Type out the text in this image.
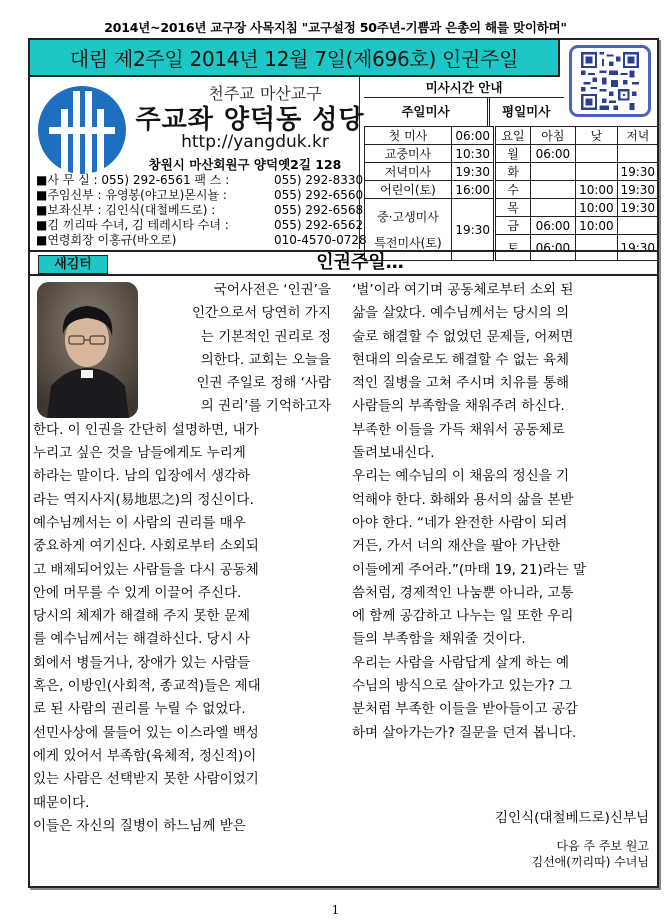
2014년~2016년 교구장 사목지침 "교구설정 50주년-기쁨과 은총의 해를 맞이하며"
대림 제2주일 2014년 12월 7일(제696호) 인권주일
천주교 마산교구
주교좌 양덕동 성당
http://yangduk.kr
창원시 마산회원구 양덕옛2길 128
■사 무 실 : 055) 292-6561 팩 스 :	055) 292-8330
■주임신부 : 유영봉(야고보)몬시뇰 :	055) 292-6560
■보좌신부 : 김인식(대철베드로) :	055) 292-6568
■김 끼리따 수녀, 김 테레시타 수녀 :	055) 292-6562
■연령회장 이홍규(바오로)	010-4570-0728
미사시간 안내
주일미사	평일미사
첫 미사	06:00	요일	아침	낮	저녁
교중미사	10:30	월	06:00		
저녁미사	19:30	화			19:30
어린이(토)	16:00	수		10:00	19:30
중·고생미사
특전미사(토)	19:30	목		10:00	19:30
		금	06:00	10:00	
		토	06:00		19:30
새김터	인권주일…
국어사전은 ‘인권’을
인간으로서 당연히 가지
는 기본적인 권리로 정
의한다. 교회는 오늘을
인권 주일로 정해 ‘사람
의 권리’를 기억하고자
한다. 이 인권을 간단히 설명하면, 내가
누리고 싶은 것을 남들에게도 누리게
하라는 말이다. 남의 입장에서 생각하
라는 역지사지(易地思之)의 정신이다.
예수님께서는 이 사람의 권리를 매우
중요하게 여기신다. 사회로부터 소외되
고 배제되어있는 사람들을 다시 공동체
안에 머무를 수 있게 이끌어 주신다.
당시의 체제가 해결해 주지 못한 문제
를 예수님께서는 해결하신다. 당시 사
회에서 병들거나, 장애가 있는 사람들
혹은, 이방인(사회적, 종교적)들은 제대
로 된 사람의 권리를 누릴 수 없었다.
선민사상에 물들어 있는 이스라엘 백성
에게 있어서 부족함(육체적, 정신적)이
있는 사람은 선택받지 못한 사람이었기
때문이다.
이들은 자신의 질병이 하느님께 받은
‘벌’이라 여기며 공동체로부터 소외 된
삶을 살았다. 예수님께서는 당시의 의
술로 해결할 수 없었던 문제들, 어쩌면
현대의 의술로도 해결할 수 없는 육체
적인 질병을 고쳐 주시며 치유를 통해
사람들의 부족함을 채워주려 하신다.
부족한 이들을 가득 채워서 공동체로
돌려보내신다.
우리는 예수님의 이 채움의 정신을 기
억해야 한다. 화해와 용서의 삶을 본받
아야 한다. “네가 완전한 사람이 되려
거든, 가서 너의 재산을 팔아 가난한
이들에게 주어라.”(마태 19, 21)라는 말
씀처럼, 경제적인 나눔뿐 아니라, 고통
에 함께 공감하고 나누는 일 또한 우리
들의 부족함을 채워줄 것이다.
우리는 사람을 사람답게 살게 하는 예
수님의 방식으로 살아가고 있는가? 그
분처럼 부족한 이들을 받아들이고 공감
하며 살아가는가? 질문을 던져 봅니다.
김인식(대철베드로)신부님
다음 주 주보 원고
김선애(끼리따) 수녀님
1
